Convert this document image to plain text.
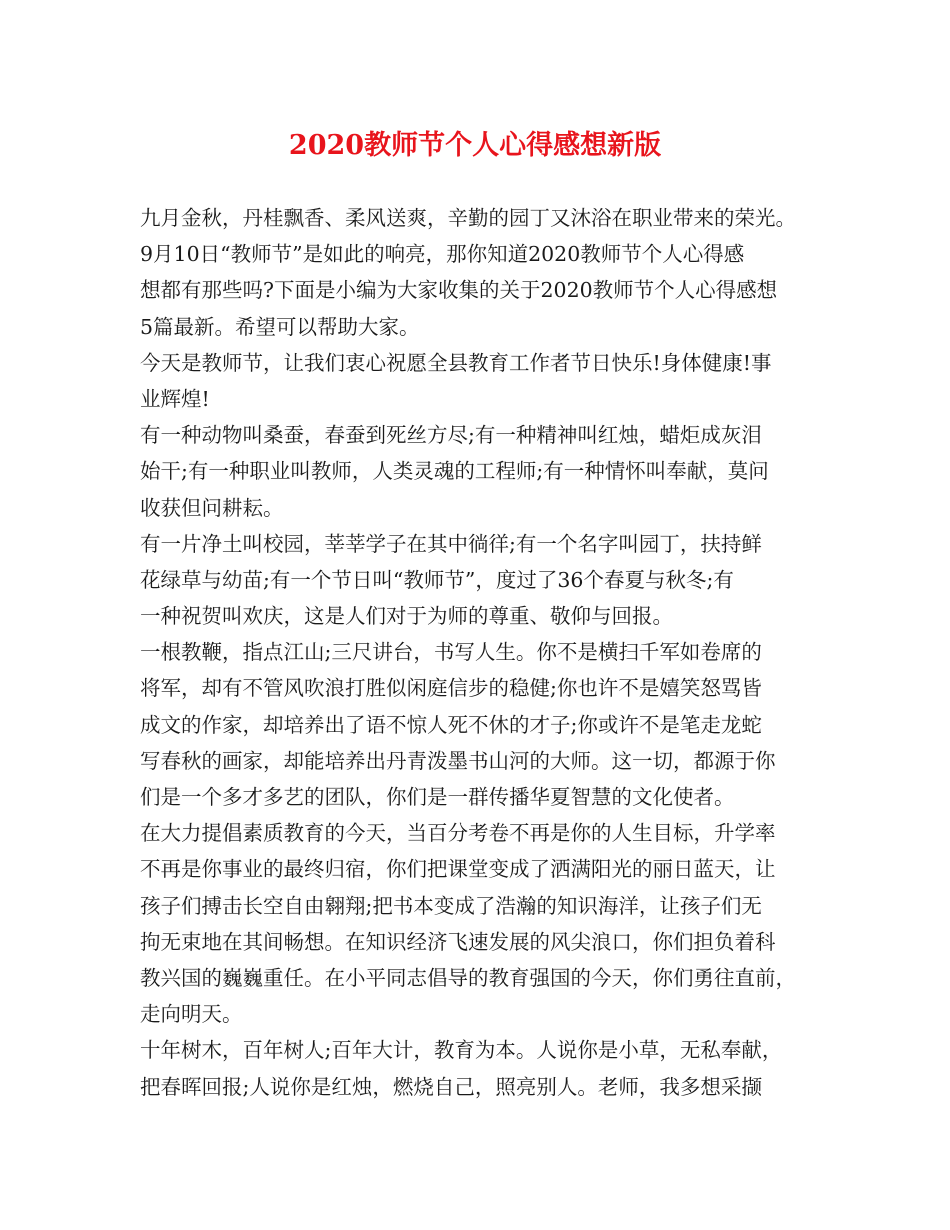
2020教师节个人心得感想新版
九月金秋，丹桂飘香、柔风送爽，辛勤的园丁又沐浴在职业带来的荣光。
9月10日“教师节”是如此的响亮，那你知道2020教师节个人心得感
想都有那些吗?下面是小编为大家收集的关于2020教师节个人心得感想
5篇最新。希望可以帮助大家。
今天是教师节，让我们衷心祝愿全县教育工作者节日快乐!身体健康!事
业辉煌!
有一种动物叫桑蚕，春蚕到死丝方尽;有一种精神叫红烛，蜡炬成灰泪
始干;有一种职业叫教师，人类灵魂的工程师;有一种情怀叫奉献，莫问
收获但问耕耘。
有一片净土叫校园，莘莘学子在其中徜徉;有一个名字叫园丁，扶持鲜
花绿草与幼苗;有一个节日叫“教师节”，度过了36个春夏与秋冬;有
一种祝贺叫欢庆，这是人们对于为师的尊重、敬仰与回报。
一根教鞭，指点江山;三尺讲台，书写人生。你不是横扫千军如卷席的
将军，却有不管风吹浪打胜似闲庭信步的稳健;你也许不是嬉笑怒骂皆
成文的作家，却培养出了语不惊人死不休的才子;你或许不是笔走龙蛇
写春秋的画家，却能培养出丹青泼墨书山河的大师。这一切，都源于你
们是一个多才多艺的团队，你们是一群传播华夏智慧的文化使者。
在大力提倡素质教育的今天，当百分考卷不再是你的人生目标，升学率
不再是你事业的最终归宿，你们把课堂变成了洒满阳光的丽日蓝天，让
孩子们搏击长空自由翱翔;把书本变成了浩瀚的知识海洋，让孩子们无
拘无束地在其间畅想。在知识经济飞速发展的风尖浪口，你们担负着科
教兴国的巍巍重任。在小平同志倡导的教育强国的今天，你们勇往直前，
走向明天。
十年树木，百年树人;百年大计，教育为本。人说你是小草，无私奉献，
把春晖回报;人说你是红烛，燃烧自己，照亮别人。老师，我多想采撷
